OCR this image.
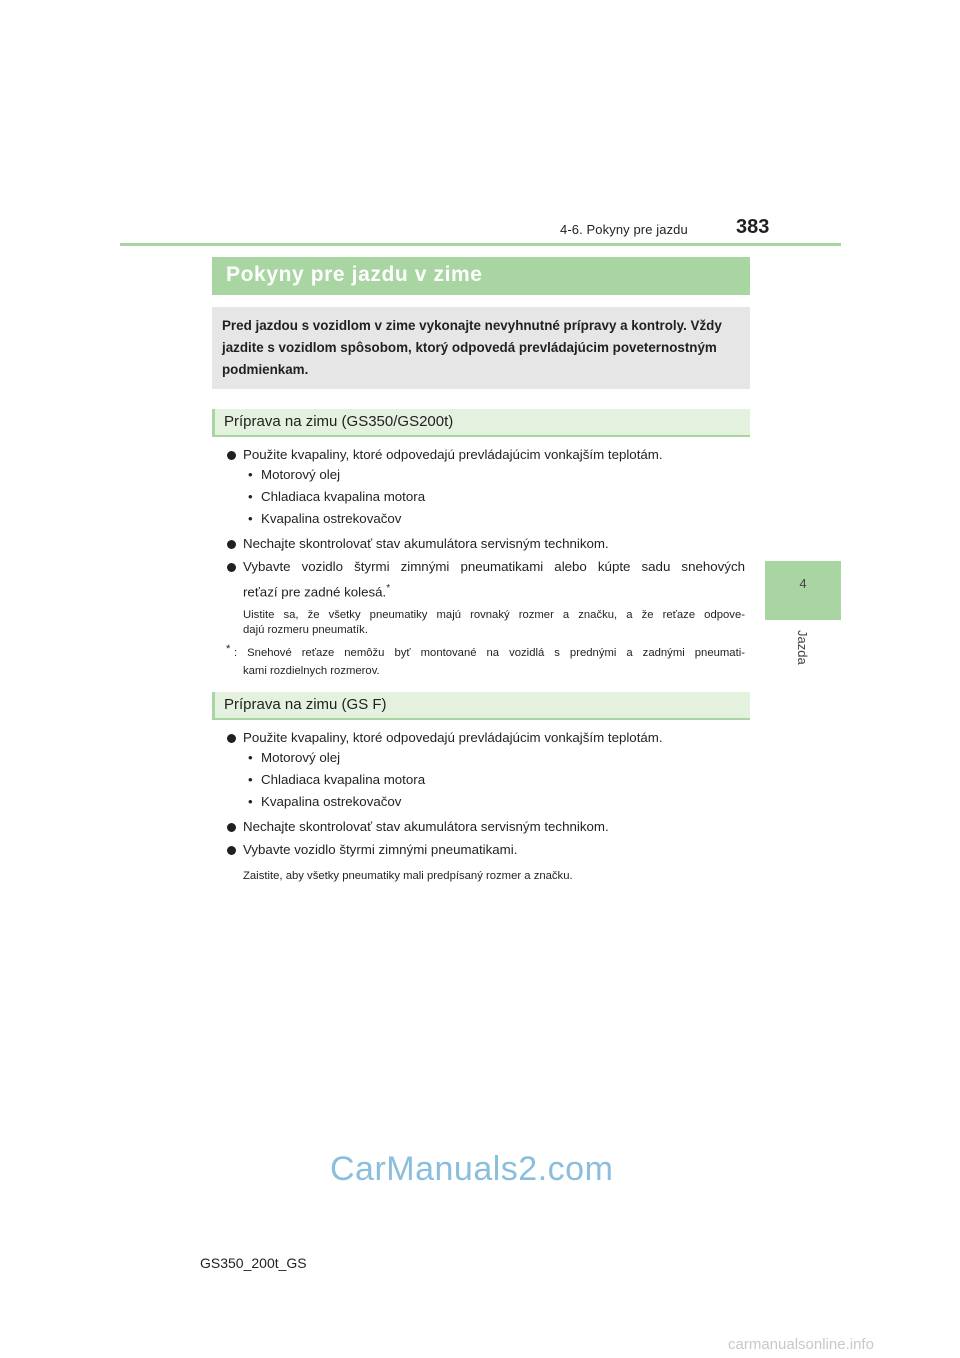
4-6. Pokyny pre jazdu 383
4
Jazda
Pokyny pre jazdu v zime
Pred jazdou s vozidlom v zime vykonajte nevyhnutné prípravy a kontroly. Vždy jazdite s vozidlom spôsobom, ktorý odpovedá prevládajúcim poveternostným podmienkam.
Príprava na zimu (GS350/GS200t)
Použite kvapaliny, ktoré odpovedajú prevládajúcim vonkajším teplotám.
• Motorový olej
• Chladiaca kvapalina motora
• Kvapalina ostrekovačov
Nechajte skontrolovať stav akumulátora servisným technikom.
Vybavte vozidlo štyrmi zimnými pneumatikami alebo kúpte sadu snehových
reťazí pre zadné kolesá.*
Uistite sa, že všetky pneumatiky majú rovnaký rozmer a značku, a že reťaze odpove-
dajú rozmeru pneumatík.
* : Snehové reťaze nemôžu byť montované na vozidlá s prednými a zadnými pneumati-
kami rozdielnych rozmerov.
Príprava na zimu (GS F)
Použite kvapaliny, ktoré odpovedajú prevládajúcim vonkajším teplotám.
• Motorový olej
• Chladiaca kvapalina motora
• Kvapalina ostrekovačov
Nechajte skontrolovať stav akumulátora servisným technikom.
Vybavte vozidlo štyrmi zimnými pneumatikami.
Zaistite, aby všetky pneumatiky mali predpísaný rozmer a značku.
CarManuals2.com
GS350_200t_GS
carmanualsonline.info
